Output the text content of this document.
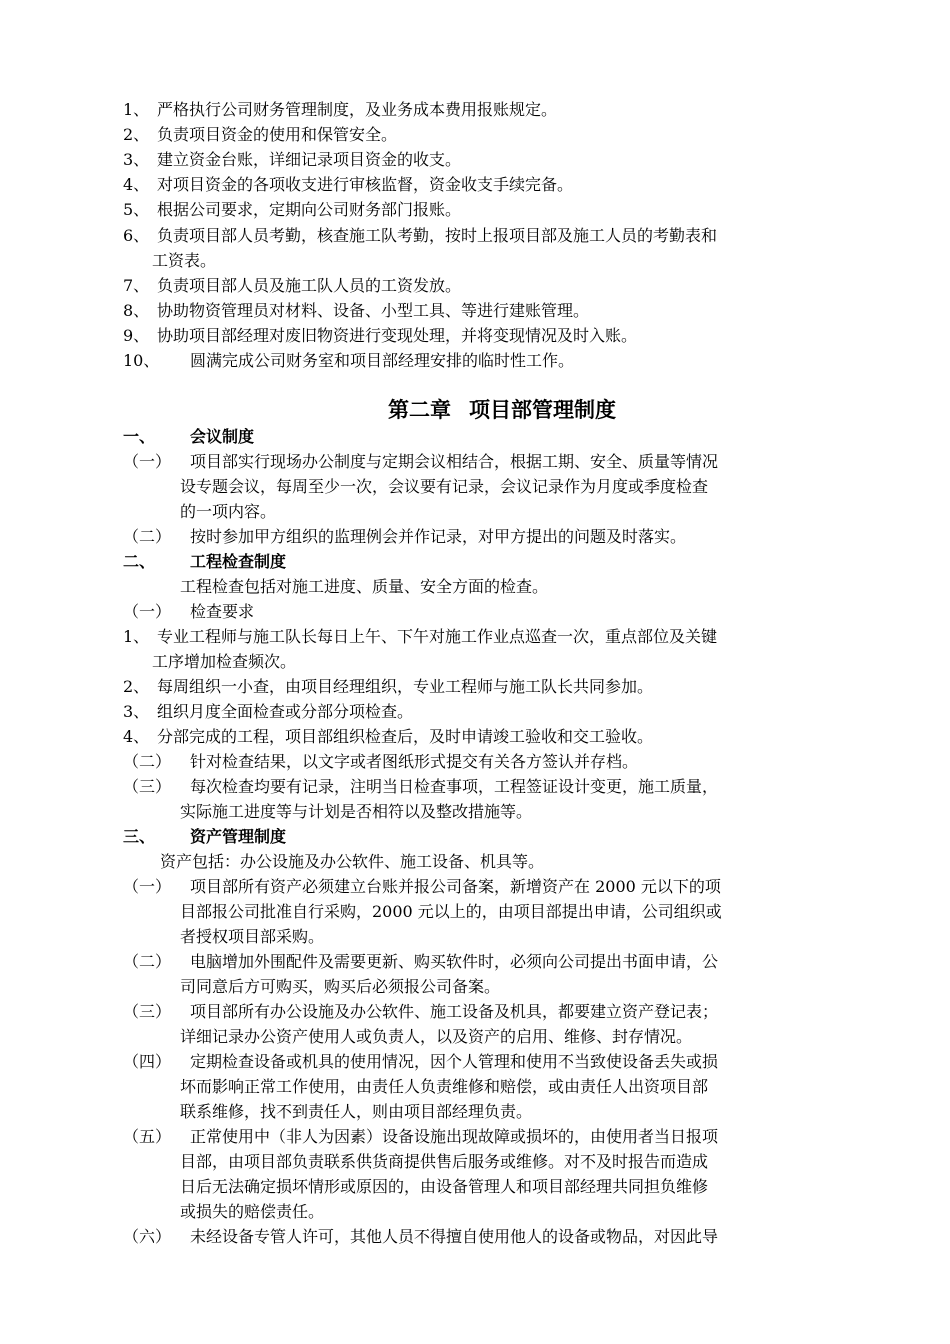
1、 严格执行公司财务管理制度，及业务成本费用报账规定。
2、 负责项目资金的使用和保管安全。
3、 建立资金台账，详细记录项目资金的收支。
4、 对项目资金的各项收支进行审核监督，资金收支手续完备。
5、 根据公司要求，定期向公司财务部门报账。
6、 负责项目部人员考勤，核查施工队考勤，按时上报项目部及施工人员的考勤表和
工资表。
7、 负责项目部人员及施工队人员的工资发放。
8、 协助物资管理员对材料、设备、小型工具、等进行建账管理。
9、 协助项目部经理对废旧物资进行变现处理，并将变现情况及时入账。
10、 圆满完成公司财务室和项目部经理安排的临时性工作。
第二章 项目部管理制度
一、 会议制度
（一） 项目部实行现场办公制度与定期会议相结合，根据工期、安全、质量等情况
设专题会议，每周至少一次，会议要有记录，会议记录作为月度或季度检查
的一项内容。
（二） 按时参加甲方组织的监理例会并作记录，对甲方提出的问题及时落实。
二、 工程检查制度
工程检查包括对施工进度、质量、安全方面的检查。
（一） 检查要求
1、 专业工程师与施工队长每日上午、下午对施工作业点巡查一次，重点部位及关键
工序增加检查频次。
2、 每周组织一小查，由项目经理组织，专业工程师与施工队长共同参加。
3、 组织月度全面检查或分部分项检查。
4、 分部完成的工程，项目部组织检查后，及时申请竣工验收和交工验收。
（二） 针对检查结果，以文字或者图纸形式提交有关各方签认并存档。
（三） 每次检查均要有记录，注明当日检查事项，工程签证设计变更，施工质量，
实际施工进度等与计划是否相符以及整改措施等。
三、 资产管理制度
资产包括：办公设施及办公软件、施工设备、机具等。
（一） 项目部所有资产必须建立台账并报公司备案，新增资产在 2000 元以下的项
目部报公司批准自行采购，2000 元以上的，由项目部提出申请，公司组织或
者授权项目部采购。
（二） 电脑增加外围配件及需要更新、购买软件时，必须向公司提出书面申请，公
司同意后方可购买，购买后必须报公司备案。
（三） 项目部所有办公设施及办公软件、施工设备及机具，都要建立资产登记表；
详细记录办公资产使用人或负责人，以及资产的启用、维修、封存情况。
（四） 定期检查设备或机具的使用情况，因个人管理和使用不当致使设备丢失或损
坏而影响正常工作使用，由责任人负责维修和赔偿，或由责任人出资项目部
联系维修，找不到责任人，则由项目部经理负责。
（五） 正常使用中（非人为因素）设备设施出现故障或损坏的，由使用者当日报项
目部，由项目部负责联系供货商提供售后服务或维修。对不及时报告而造成
日后无法确定损坏情形或原因的，由设备管理人和项目部经理共同担负维修
或损失的赔偿责任。
（六） 未经设备专管人许可，其他人员不得擅自使用他人的设备或物品，对因此导
